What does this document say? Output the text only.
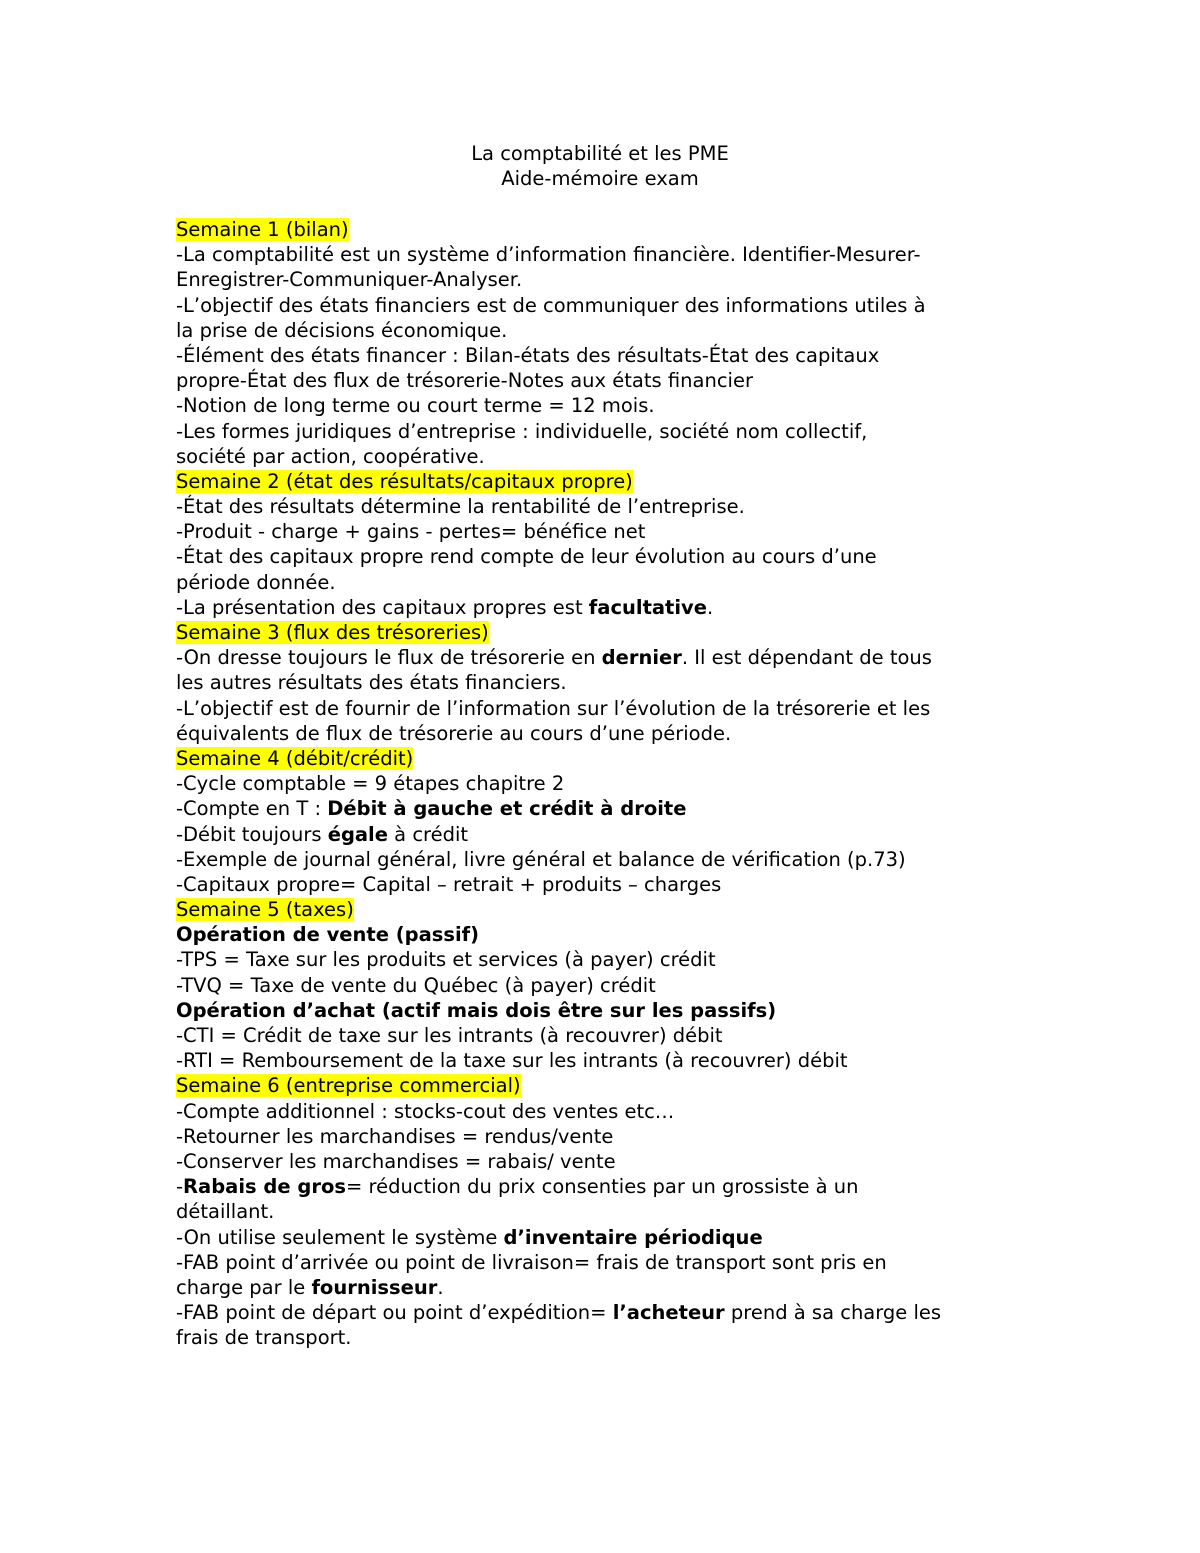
La comptabilité et les PME
Aide-mémoire exam
Semaine 1 (bilan)
-La comptabilité est un système d’information financière. Identifier-Mesurer-
Enregistrer-Communiquer-Analyser.
-L’objectif des états financiers est de communiquer des informations utiles à
la prise de décisions économique.
-Élément des états financer : Bilan-états des résultats-État des capitaux
propre-État des flux de trésorerie-Notes aux états financier
-Notion de long terme ou court terme = 12 mois.
-Les formes juridiques d’entreprise : individuelle, société nom collectif,
société par action, coopérative.
Semaine 2 (état des résultats/capitaux propre)
-État des résultats détermine la rentabilité de l’entreprise.
-Produit - charge + gains - pertes= bénéfice net
-État des capitaux propre rend compte de leur évolution au cours d’une
période donnée.
-La présentation des capitaux propres est facultative.
Semaine 3 (flux des trésoreries)
-On dresse toujours le flux de trésorerie en dernier. Il est dépendant de tous
les autres résultats des états financiers.
-L’objectif est de fournir de l’information sur l’évolution de la trésorerie et les
équivalents de flux de trésorerie au cours d’une période.
Semaine 4 (débit/crédit)
-Cycle comptable = 9 étapes chapitre 2
-Compte en T : Débit à gauche et crédit à droite
-Débit toujours égale à crédit
-Exemple de journal général, livre général et balance de vérification (p.73)
-Capitaux propre= Capital – retrait + produits – charges
Semaine 5 (taxes)
Opération de vente (passif)
-TPS = Taxe sur les produits et services (à payer) crédit
-TVQ = Taxe de vente du Québec (à payer) crédit
Opération d’achat (actif mais dois être sur les passifs)
-CTI = Crédit de taxe sur les intrants (à recouvrer) débit
-RTI = Remboursement de la taxe sur les intrants (à recouvrer) débit
Semaine 6 (entreprise commercial)
-Compte additionnel : stocks-cout des ventes etc…
-Retourner les marchandises = rendus/vente
-Conserver les marchandises = rabais/ vente
-Rabais de gros= réduction du prix consenties par un grossiste à un
détaillant.
-On utilise seulement le système d’inventaire périodique
-FAB point d’arrivée ou point de livraison= frais de transport sont pris en
charge par le fournisseur.
-FAB point de départ ou point d’expédition= l’acheteur prend à sa charge les
frais de transport.
